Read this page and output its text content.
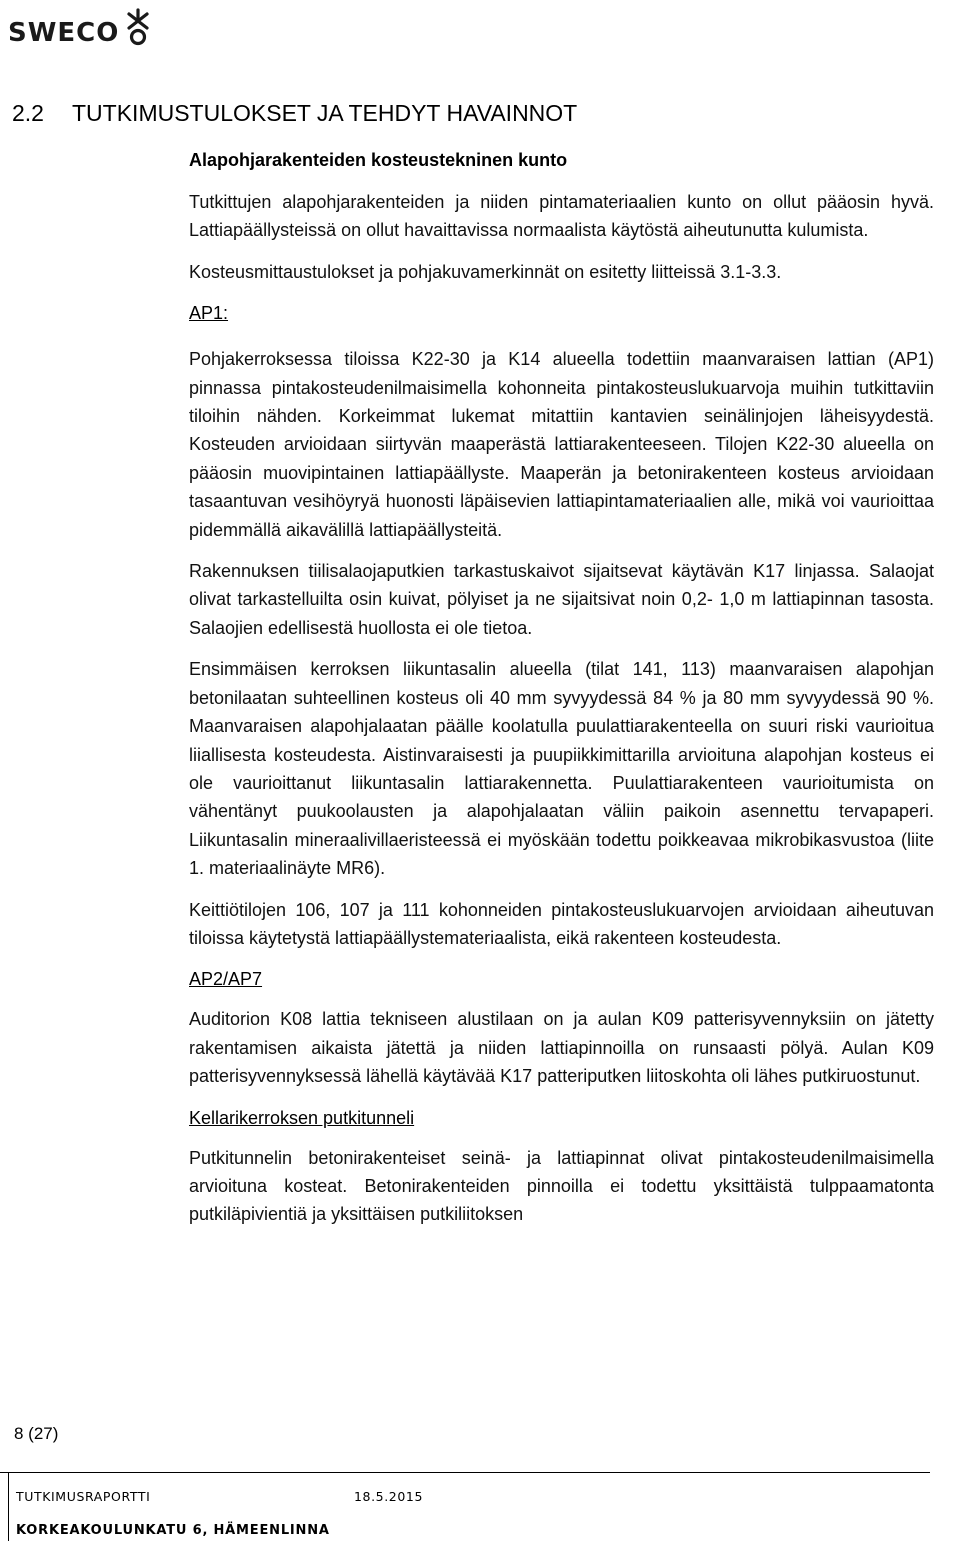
SWECO
2.2 TUTKIMUSTULOKSET JA TEHDYT HAVAINNOT
Alapohjarakenteiden kosteustekninen kunto

Tutkittujen alapohjarakenteiden ja niiden pintamateriaalien kunto on ollut pääosin hyvä. Lattiapäällysteissä on ollut havaittavissa normaalista käytöstä aiheutunutta kulumista.

Kosteusmittaustulokset ja pohjakuvamerkinnät on esitetty liitteissä 3.1-3.3.

AP1:

Pohjakerroksessa tiloissa K22-30 ja K14 alueella todettiin maanvaraisen lattian (AP1) pinnassa pintakosteudenilmaisimella kohonneita pintakosteuslukuarvoja muihin tutkittaviin tiloihin nähden. Korkeimmat lukemat mitattiin kantavien seinälinjojen läheisyydestä. Kosteuden arvioidaan siirtyvän maaperästä lattiarakenteeseen. Tilojen K22-30 alueella on pääosin muovipintainen lattiapäällyste. Maaperän ja betonirakenteen kosteus arvioidaan tasaantuvan vesihöyryä huonosti läpäisevien lattiapintamateriaalien alle, mikä voi vaurioittaa pidemmällä aikavälillä lattiapäällysteitä.

Rakennuksen tiilisalaojaputkien tarkastuskaivot sijaitsevat käytävän K17 linjassa. Salaojat olivat tarkastelluilta osin kuivat, pölyiset ja ne sijaitsivat noin 0,2- 1,0 m lattiapinnan tasosta. Salaojien edellisestä huollosta ei ole tietoa.

Ensimmäisen kerroksen liikuntasalin alueella (tilat 141, 113) maanvaraisen alapohjan betonilaatan suhteellinen kosteus oli 40 mm syvyydessä 84 % ja 80 mm syvyydessä 90 %. Maanvaraisen alapohjalaatan päälle koolatulla puulattiarakenteella on suuri riski vaurioitua liiallisesta kosteudesta. Aistinvaraisesti ja puupiikkimittarilla arvioituna alapohjan kosteus ei ole vaurioittanut liikuntasalin lattiarakennetta. Puulattiarakenteen vaurioitumista on vähentänyt puukoolausten ja alapohjalaatan väliin paikoin asennettu tervapaperi. Liikuntasalin mineraalivillaeristeessä ei myöskään todettu poikkeavaa mikrobikasvustoa (liite 1. materiaalinäyte MR6).

Keittiötilojen 106, 107 ja 111 kohonneiden pintakosteuslukuarvojen arvioidaan aiheutuvan tiloissa käytetystä lattiapäällystemateriaalista, eikä rakenteen kosteudesta.

AP2/AP7

Auditorion K08 lattia tekniseen alustilaan on ja aulan K09 patterisyvennyksiin on jätetty rakentamisen aikaista jätettä ja niiden lattiapinnoilla on runsaasti pölyä. Aulan K09 patterisyvennyksessä lähellä käytävää K17 patteriputken liitoskohta oli lähes putkiruostunut.

Kellarikerroksen putkitunneli

Putkitunnelin betonirakenteiset seinä- ja lattiapinnat olivat pintakosteudenilmaisimella arvioituna kosteat. Betonirakenteiden pinnoilla ei todettu yksittäistä tulppaamatonta putkiläpivientiä ja yksittäisen putkiliitoksen

8 (27)
TUTKIMUSRAPORTTI	18.5.2015
KORKEAKOULUNKATU 6, HÄMEENLINNA
